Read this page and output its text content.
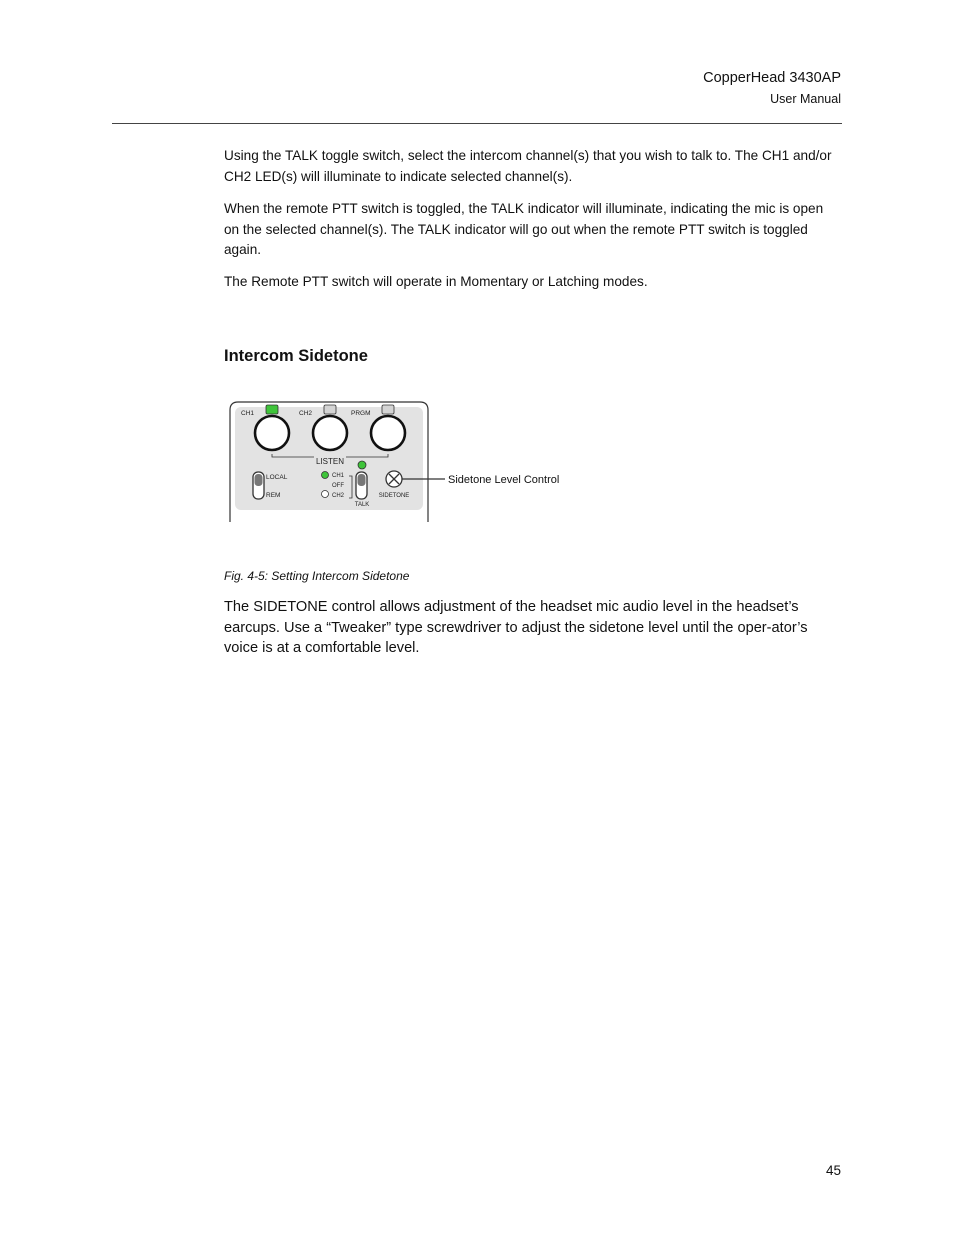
CopperHead 3430AP
User Manual

Using the TALK toggle switch, select the intercom channel(s) that you wish to talk to. The CH1 and/or CH2 LED(s) will illuminate to indicate selected channel(s).

When the remote PTT switch is toggled, the TALK indicator will illuminate, indicating the mic is open on the selected channel(s). The TALK indicator will go out when the remote PTT switch is toggled again.

The Remote PTT switch will operate in Momentary or Latching modes.

Intercom Sidetone
CH1	CH2	PRGM
LISTEN
LOCAL
REM
CH1
OFF
CH2
TALK
SIDETONE
Sidetone Level Control

Fig. 4-5: Setting Intercom Sidetone

The SIDETONE control allows adjustment of the headset mic audio level in the headset’s earcups. Use a “Tweaker” type screwdriver to adjust the sidetone level until the oper-ator’s voice is at a comfortable level.

45
